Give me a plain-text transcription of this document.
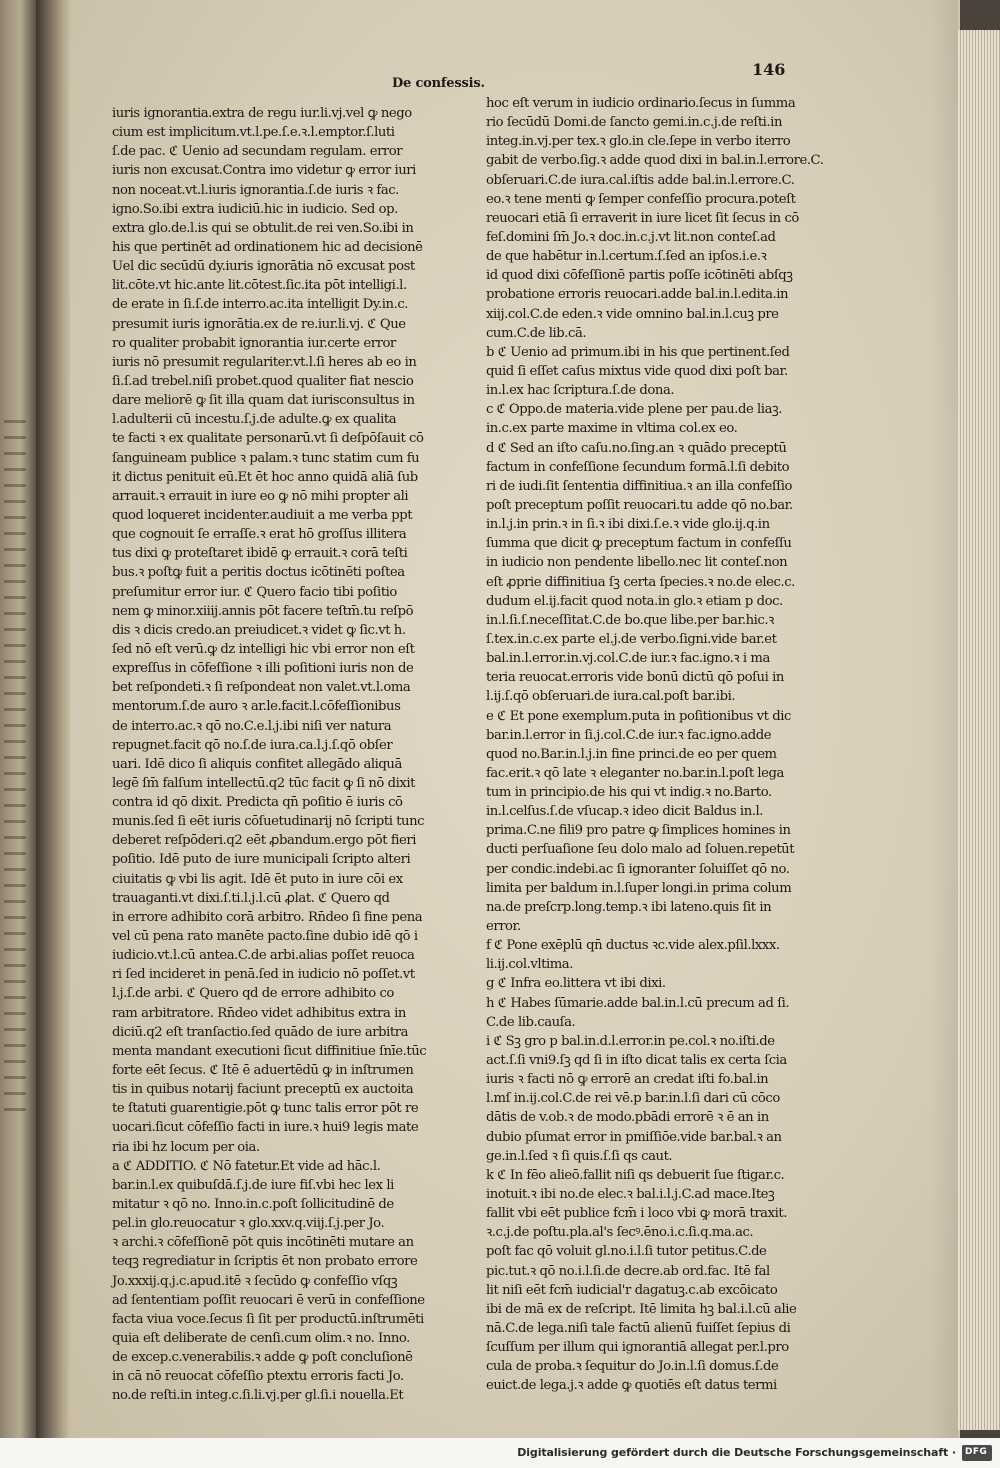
De confessis.
146
iuris ignorantia.extra de regu iur.li.vj.vel ꝙ nego
cium est implicitum.vt.l.pe.ſ.e.ꝛ.l.emptor.ſ.luti
ſ.de pac. ℭ Uenio ad secundam regulam. error
iuris non excusat.Contra imo videtur ꝙ error iuri
non noceat.vt.l.iuris ignorantia.ſ.de iuris ꝛ fac.
igno.So.ibi extra iudiciū.hic in iudicio. Sed op.
extra glo.de.l.is qui se obtulit.de rei ven.So.ibi in
his que pertinēt ad ordinationem hic ad decisionē
Uel dic secūdū dy.iuris ignorātia nō excusat post
lit.cōte.vt hic.ante lit.cōtest.ſic.ita pōt intelligi.l.
de erate in ſi.ſ.de interro.ac.ita intelligit Dy.in.c.
presumit iuris ignorātia.ex de re.iur.li.vj. ℭ Que
ro qualiter probabit ignorantia iur.certe error
iuris nō presumit regulariter.vt.l.ſi heres ab eo in
ſi.ſ.ad trebel.niſi probet.quod qualiter fiat nescio
dare meliorē ꝙ ſit illa quam dat iurisconsultus in
l.adulterii cū incestu.ſ.j.de adulte.ꝙ ex qualita
te facti ꝛ ex qualitate personarū.vt ſi deſpōſauit cō
ſanguineam publice ꝛ palam.ꝛ tunc statim cum fu
it dictus penituit eū.Et ēt hoc anno quidā aliā ſub
arrauit.ꝛ errauit in iure eo ꝙ nō mihi propter ali
quod loqueret incidenter.audiuit a me verba ppt
que cognouit ſe erraſſe.ꝛ erat hō groſſus illitera
tus dixi ꝙ proteſtaret ibidē ꝙ errauit.ꝛ corā teſti
bus.ꝛ poſtꝙ fuit a peritis doctus icōtinēti poſtea
preſumitur error iur. ℭ Quero facio tibi poſitio
nem ꝙ minor.xiiij.annis pōt facere teſtm̄.tu reſpō
dis ꝛ dicis credo.an preiudicet.ꝛ videt ꝙ ſic.vt h.
ſed nō eſt verū.ꝙ dz intelligi hic vbi error non eſt
expreſſus in cōfeſſione ꝛ illi poſitioni iuris non de
bet reſpondeti.ꝛ ſi reſpondeat non valet.vt.l.oma
mentorum.ſ.de auro ꝛ ar.le.facit.l.cōfeſſionibus
de interro.ac.ꝛ qō no.C.e.l.j.ibi niſi ver natura
repugnet.facit qō no.ſ.de iura.ca.l.j.ſ.qō obſer
uari. Idē dico ſi aliquis confitet allegādo aliquā
legē ſm̄ falſum intellectū.q2 tūc facit ꝙ ſi nō dixit
contra id qō dixit. Predicta qn̄ poſitio ē iuris cō
munis.ſed ſi eēt iuris cōſuetudinarij nō ſcripti tunc
deberet reſpōderi.q2 eēt ꝓbandum.ergo pōt fieri
poſitio. Idē puto de iure municipali ſcripto alteri
ciuitatis ꝙ vbi lis agit. Idē ēt puto in iure cōi ex
trauaganti.vt dixi.ſ.ti.l.j.l.cū ꝓlat. ℭ Quero qd
in errore adhibito corā arbitro. Rn̄deo ſi fine pena
vel cū pena rato manēte pacto.ſine dubio idē qō i
iudicio.vt.l.cū antea.C.de arbi.alias poſſet reuoca
ri ſed incideret in penā.ſed in iudicio nō poſſet.vt
l.j.ſ.de arbi. ℭ Quero qd de errore adhibito co
ram arbitratore. Rn̄deo videt adhibitus extra in
diciū.q2 eſt tranſactio.ſed quādo de iure arbitra
menta mandant executioni ſicut diffinitiue ſnīe.tūc
forte eēt ſecus. ℭ Itē ē aduertēdū ꝙ in inſtrumen
tis in quibus notarij faciunt preceptū ex auctoita
te ſtatuti guarentigie.pōt ꝙ tunc talis error pōt re
uocari.ſicut cōfeſſio facti in iure.ꝛ hui9 legis mate
ria ibi hz locum per oia.
a ℭ ADDITIO. ℭ Nō fatetur.Et vide ad hāc.l.
bar.in.l.ex quibuſdā.ſ.j.de iure fiſ.vbi hec lex li
mitatur ꝛ qō no. Inno.in.c.poſt ſollicitudinē de
pel.in glo.reuocatur ꝛ glo.xxv.q.viij.ſ.j.per Jo.
ꝛ archi.ꝛ cōfeſſionē pōt quis incōtinēti mutare an
teqꝫ regrediatur in ſcriptis ēt non probato errore
Jo.xxxij.q.j.c.apud.itē ꝛ ſecūdo ꝙ confeſſio vſqꝫ
ad ſententiam poſſit reuocari ē verū in confeſſione
facta viua voce.ſecus ſi ſit per productū.inſtrumēti
quia eſt deliberate de cenſi.cum olim.ꝛ no. Inno.
de excep.c.venerabilis.ꝛ adde ꝙ poſt concluſionē
in cā nō reuocat cōfeſſio ptextu erroris facti Jo.
no.de reſti.in integ.c.ſi.li.vj.per gl.ſi.i nouella.Et
hoc eſt verum in iudicio ordinario.ſecus in ſumma
rio ſecūdū Domi.de ſancto gemi.in.c.j.de reſti.in
integ.in.vj.per tex.ꝛ glo.in cle.ſepe in verbo iterro
gabit de verbo.ſig.ꝛ adde quod dixi in bal.in.l.errore.C.
obſeruari.C.de iura.cal.iſtis adde bal.in.l.errore.C.
eo.ꝛ tene menti ꝙ ſemper confeſſio procura.poteſt
reuocari etiā ſi erraverit in iure licet ſit ſecus in cō
feſ.domini ſm̄ Jo.ꝛ doc.in.c.j.vt lit.non conteſ.ad
de que habētur in.l.certum.ſ.ſed an ipſos.i.e.ꝛ
id quod dixi cōfeſſionē partis poſſe icōtinēti abſqꝫ
probatione erroris reuocari.adde bal.in.l.edita.in
xiij.col.C.de eden.ꝛ vide omnino bal.in.l.cuꝫ pre
cum.C.de lib.cā.
b ℭ Uenio ad primum.ibi in his que pertinent.ſed
quid ſi eſſet caſus mixtus vide quod dixi poſt bar.
in.l.ex hac ſcriptura.ſ.de dona.
c ℭ Oppo.de materia.vide plene per pau.de liaꝫ.
in.c.ex parte maxime in vltima col.ex eo.
d ℭ Sed an iſto caſu.no.ſing.an ꝛ quādo preceptū
factum in confeſſione ſecundum formā.l.ſi debito
ri de iudi.ſit ſententia diffinitiua.ꝛ an illa confeſſio
poſt preceptum poſſit reuocari.tu adde qō no.bar.
in.l.j.in prin.ꝛ in ſi.ꝛ ibi dixi.ſ.e.ꝛ vide glo.ij.q.in
ſumma que dicit ꝙ preceptum factum in confeſſu
in iudicio non pendente libello.nec lit conteſ.non
eſt ꝓprie diffinitiua ſꝫ certa ſpecies.ꝛ no.de elec.c.
dudum el.ij.facit quod nota.in glo.ꝛ etiam p doc.
in.l.ſi.ſ.neceſſitat.C.de bo.que libe.per bar.hic.ꝛ
ſ.tex.in.c.ex parte el.j.de verbo.ſigni.vide bar.et
bal.in.l.error.in.vj.col.C.de iur.ꝛ fac.igno.ꝛ i ma
teria reuocat.erroris vide bonū dictū qō poſui in
l.ij.ſ.qō obſeruari.de iura.cal.poſt bar.ibi.
e ℭ Et pone exemplum.puta in poſitionibus vt dic
bar.in.l.error in ſi.j.col.C.de iur.ꝛ fac.igno.adde
quod no.Bar.in.l.j.in fine princi.de eo per quem
fac.erit.ꝛ qō late ꝛ eleganter no.bar.in.l.poſt lega
tum in principio.de his qui vt indig.ꝛ no.Barto.
in.l.celſus.ſ.de vſucap.ꝛ ideo dicit Baldus in.l.
prima.C.ne fili9 pro patre ꝙ ſimplices homines in
ducti perſuaſione ſeu dolo malo ad ſoluen.repetūt
per condic.indebi.ac ſi ignoranter ſoluiſſet qō no.
limita per baldum in.l.ſuper longi.in prima colum
na.de preſcrp.long.temp.ꝛ ibi lateno.quis ſit in
error.
f ℭ Pone exēplū qn̄ ductus ꝛc.vide alex.pſil.lxxx.
li.ij.col.vltima.
g ℭ Infra eo.littera vt ibi dixi.
h ℭ Habes ſūmarie.adde bal.in.l.cū precum ad ſi.
C.de lib.cauſa.
i ℭ Sꝫ gro p bal.in.d.l.error.in pe.col.ꝛ no.iſti.de
act.ſ.ſi vni9.ſꝫ qd ſi in iſto dicat talis ex certa ſcia
iuris ꝛ facti nō ꝙ errorē an credat iſti fo.bal.in
l.mſ in.ij.col.C.de rei vē.p bar.in.l.ſi dari cū cōco
dātis de v.ob.ꝛ de modo.pbādi errorē ꝛ ē an in
dubio pſumat error in pmiſſiōe.vide bar.bal.ꝛ an
ge.in.l.ſed ꝛ ſi quis.ſ.ſi qs caut.
k ℭ In fēo alieō.fallit niſi qs debuerit ſue ſtigar.c.
inotuit.ꝛ ibi no.de elec.ꝛ bal.i.l.j.C.ad mace.Iteꝫ
fallit vbi eēt publice fcm̄ i loco vbi ꝙ morā traxit.
ꝛ.c.j.de poſtu.pla.al's ſecꝰ.ēno.i.c.ſi.q.ma.ac.
poſt fac qō voluit gl.no.i.l.ſi tutor petitus.C.de
pic.tut.ꝛ qō no.i.l.ſi.de decre.ab ord.fac. Itē fal
lit niſi eēt fcm̄ iudicial'r dagatuꝫ.c.ab excōicato
ibi de mā ex de reſcript. Itē limita hꝫ bal.i.l.cū alie
nā.C.de lega.niſi tale factū alienū fuiſſet ſepius di
ſcuſſum per illum qui ignorantiā allegat per.l.pro
cula de proba.ꝛ ſequitur do Jo.in.l.ſi domus.ſ.de
euict.de lega.j.ꝛ adde ꝙ quotiēs eſt datus termi
Digitalisierung gefördert durch die Deutsche Forschungsgemeinschaft · DFG
